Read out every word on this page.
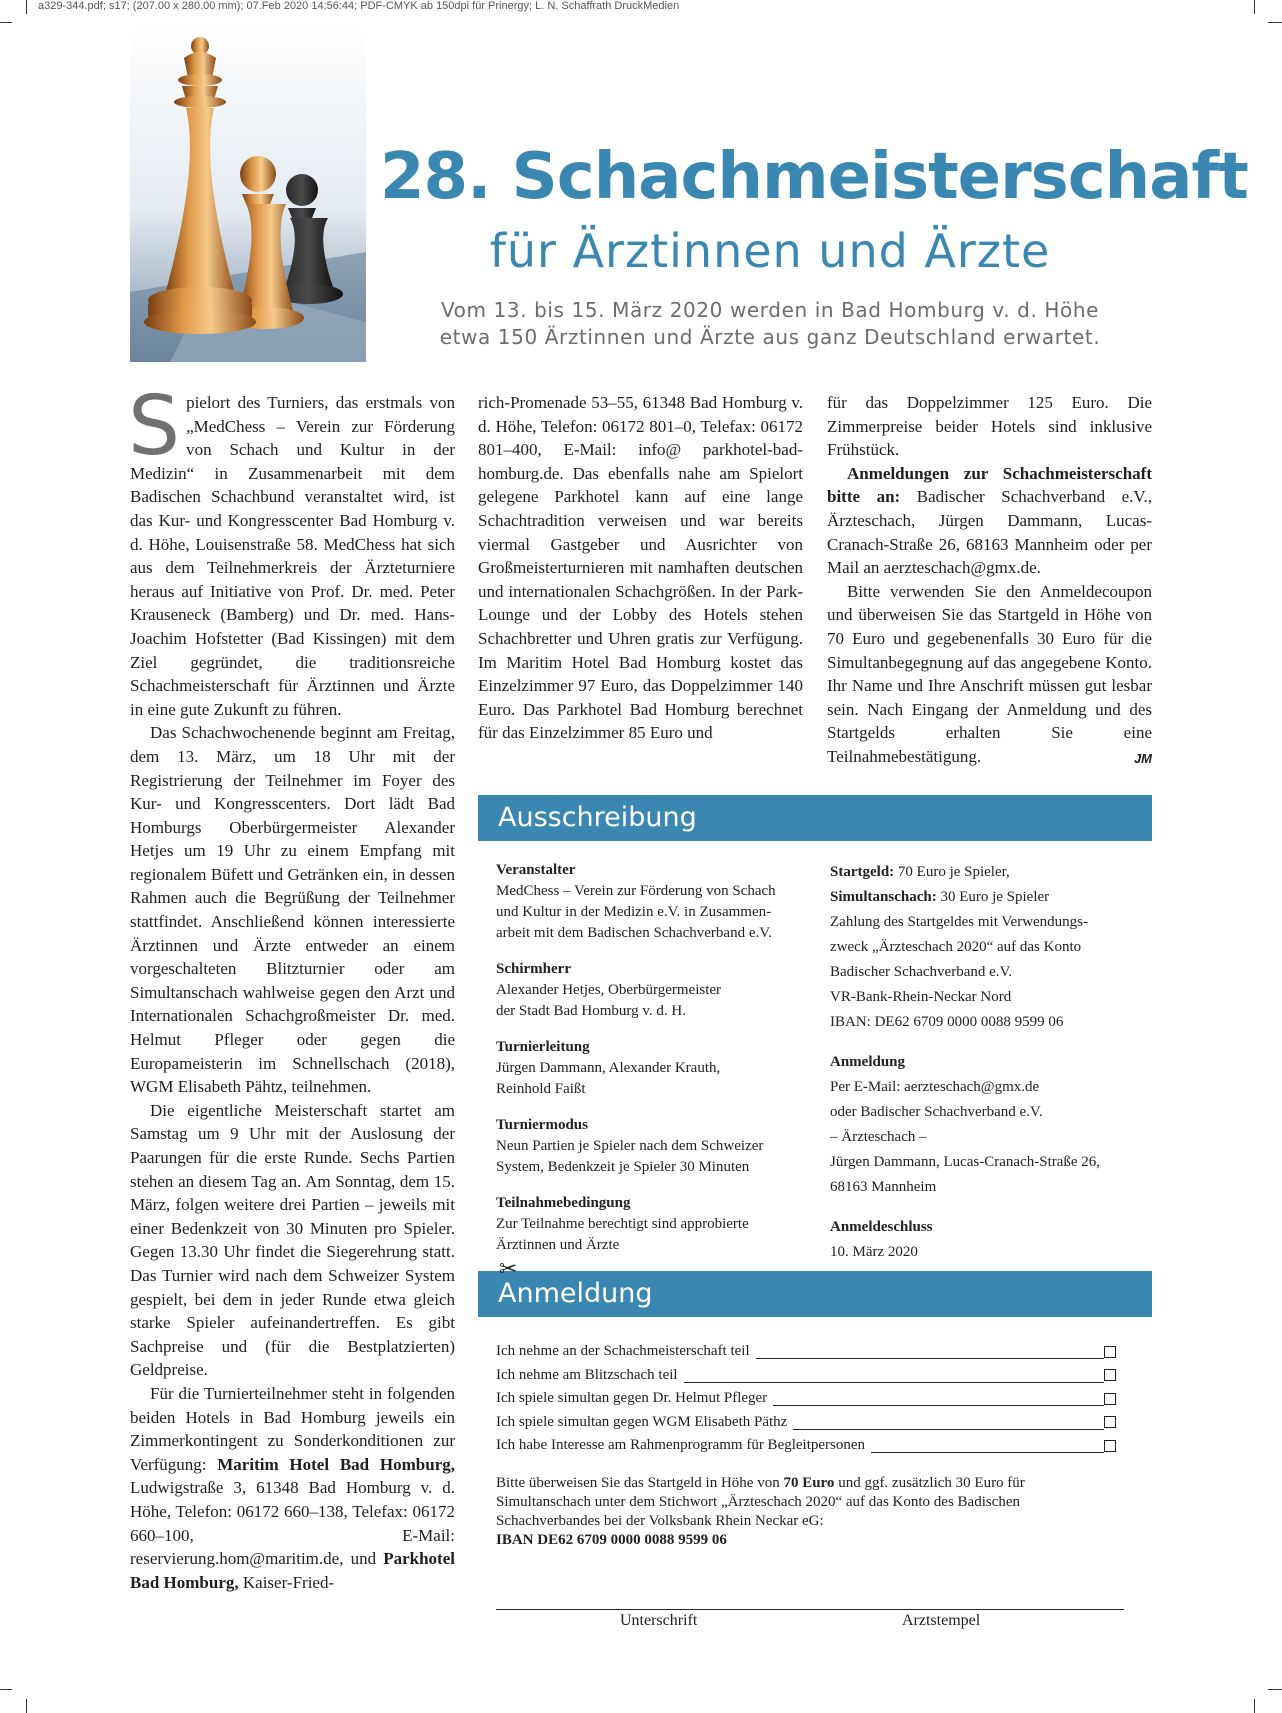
a329-344.pdf; s17; (207.00 x 280.00 mm); 07.Feb 2020 14:56:44; PDF-CMYK ab 150dpi für Prinergy; L. N. Schaffrath DruckMedien
28. Schachmeisterschaft
für Ärztinnen und Ärzte
Vom 13. bis 15. März 2020 werden in Bad Homburg v. d. Höhe
etwa 150 Ärztinnen und Ärzte aus ganz Deutschland erwartet.

Spielort des Turniers, das erstmals von „MedChess – Verein zur Förderung von Schach und Kultur in der Medizin“ in Zusammenarbeit mit dem Badischen Schachbund veranstaltet wird, ist das Kur- und Kongresscenter Bad Homburg v. d. Höhe, Louisenstraße 58. MedChess hat sich aus dem Teilnehmerkreis der Ärzteturniere heraus auf Initiative von Prof. Dr. med. Peter Krauseneck (Bamberg) und Dr. med. Hans-Joachim Hofstetter (Bad Kissingen) mit dem Ziel gegründet, die traditionsreiche Schachmeisterschaft für Ärztinnen und Ärzte in eine gute Zukunft zu führen.

Das Schachwochenende beginnt am Freitag, dem 13. März, um 18 Uhr mit der Registrierung der Teilnehmer im Foyer des Kur- und Kongresscenters. Dort lädt Bad Homburgs Oberbürgermeister Alexander Hetjes um 19 Uhr zu einem Empfang mit regionalem Büfett und Getränken ein, in dessen Rahmen auch die Begrüßung der Teilnehmer stattfindet. Anschließend können interessierte Ärztinnen und Ärzte entweder an einem vorgeschalteten Blitzturnier oder am Simultanschach wahlweise gegen den Arzt und Internationalen Schachgroßmeister Dr. med. Helmut Pfleger oder gegen die Europameisterin im Schnellschach (2018), WGM Elisabeth Pähtz, teilnehmen.

Die eigentliche Meisterschaft startet am Samstag um 9 Uhr mit der Auslosung der Paarungen für die erste Runde. Sechs Partien stehen an diesem Tag an. Am Sonntag, dem 15. März, folgen weitere drei Partien – jeweils mit einer Bedenkzeit von 30 Minuten pro Spieler. Gegen 13.30 Uhr findet die Siegerehrung statt. Das Turnier wird nach dem Schweizer System gespielt, bei dem in jeder Runde etwa gleich starke Spieler aufeinandertreffen. Es gibt Sachpreise und (für die Bestplatzierten) Geldpreise.

Für die Turnierteilnehmer steht in folgenden beiden Hotels in Bad Homburg jeweils ein Zimmerkontingent zu Sonderkonditionen zur Verfügung: Maritim Hotel Bad Homburg, Ludwigstraße 3, 61348 Bad Homburg v. d. Höhe, Telefon: 06172 660–138, Telefax: 06172 660–100, E-Mail: reservierung.hom@maritim.de, und Parkhotel Bad Homburg, Kaiser-Fried-

rich-Promenade 53–55, 61348 Bad Homburg v. d. Höhe, Telefon: 06172 801–0, Telefax: 06172 801–400, E-Mail: info@ parkhotel-bad-homburg.de. Das ebenfalls nahe am Spielort gelegene Parkhotel kann auf eine lange Schachtradition verweisen und war bereits viermal Gastgeber und Ausrichter von Großmeisterturnieren mit namhaften deutschen und internationalen Schachgrößen. In der Park-Lounge und der Lobby des Hotels stehen Schachbretter und Uhren gratis zur Verfügung. Im Maritim Hotel Bad Homburg kostet das Einzelzimmer 97 Euro, das Doppelzimmer 140 Euro. Das Parkhotel Bad Homburg berechnet für das Einzelzimmer 85 Euro und

für das Doppelzimmer 125 Euro. Die Zimmerpreise beider Hotels sind inklusive Frühstück.

Anmeldungen zur Schachmeisterschaft bitte an: Badischer Schachverband e.V., Ärzteschach, Jürgen Dammann, Lucas-Cranach-Straße 26, 68163 Mannheim oder per Mail an aerzteschach@gmx.de.

Bitte verwenden Sie den Anmeldecoupon und überweisen Sie das Startgeld in Höhe von 70 Euro und gegebenenfalls 30 Euro für die Simultanbegegnung auf das angegebene Konto. Ihr Name und Ihre Anschrift müssen gut lesbar sein. Nach Eingang der Anmeldung und des Startgelds erhalten Sie eine Teilnahmebestätigung.	JM

Ausschreibung
Veranstalter
MedChess – Verein zur Förderung von Schach
und Kultur in der Medizin e.V. in Zusammen-
arbeit mit dem Badischen Schachverband e.V.
Schirmherr
Alexander Hetjes, Oberbürgermeister
der Stadt Bad Homburg v. d. H.
Turnierleitung
Jürgen Dammann, Alexander Krauth,
Reinhold Faißt
Turniermodus
Neun Partien je Spieler nach dem Schweizer
System, Bedenkzeit je Spieler 30 Minuten
Teilnahmebedingung
Zur Teilnahme berechtigt sind approbierte
Ärztinnen und Ärzte
Startgeld: 70 Euro je Spieler,
Simultanschach: 30 Euro je Spieler
Zahlung des Startgeldes mit Verwendungs-
zweck „Ärzteschach 2020“ auf das Konto
Badischer Schachverband e.V.
VR-Bank-Rhein-Neckar Nord
IBAN: DE62 6709 0000 0088 9599 06
Anmeldung
Per E-Mail: aerzteschach@gmx.de
oder Badischer Schachverband e.V.
– Ärzteschach –
Jürgen Dammann, Lucas-Cranach-Straße 26,
68163 Mannheim
Anmeldeschluss
10. März 2020
Anmeldung
✂
Ich nehme an der Schachmeisterschaft teil
Ich nehme am Blitzschach teil
Ich spiele simultan gegen Dr. Helmut Pfleger
Ich spiele simultan gegen WGM Elisabeth Päthz
Ich habe Interesse am Rahmenprogramm für Begleitpersonen
Bitte überweisen Sie das Startgeld in Höhe von 70 Euro und ggf. zusätzlich 30 Euro für
Simultanschach unter dem Stichwort „Ärzteschach 2020“ auf das Konto des Badischen
Schachverbandes bei der Volksbank Rhein Neckar eG:
IBAN DE62 6709 0000 0088 9599 06
Unterschrift	Arztstempel
